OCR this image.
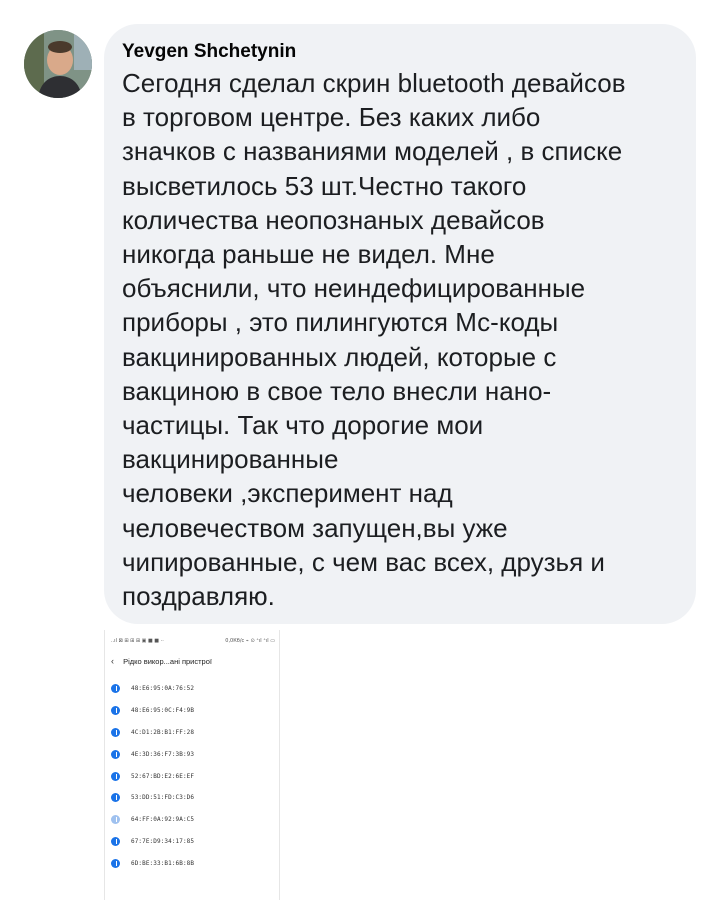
Yevgen Shchetynin

Сегодня сделал скрин bluetooth девайсов
в торговом центре. Без каких либо
значков с названиями моделей , в списке
высветилось 53 шт.Честно такого
количества неопознаных девайсов
никогда раньше не видел. Мне
объяснили, что неиндефицированные
приборы , это пилингуются Мс-коды
вакцинированных людей, которые с
вакциною в свое тело внесли нано-
частицы. Так что дорогие мои
вакцинированные
человеки ,эксперимент над
человечеством запущен,вы уже
чипированные, с чем вас всех, друзья и
поздравляю.

..ıl ⊠ ⊞ ⊞ ⊞ ▣ ■ ■ ··	0,0Кб/с ⌁ ⊙ ⁺ıl ⁺ıl ▭
‹ Рідко викор...ані пристрої
48:E6:95:0A:76:52
48:E6:95:0C:F4:9B
4C:D1:2B:B1:FF:28
4E:3D:36:F7:3B:93
52:67:BD:E2:6E:EF
53:DD:51:FD:C3:D6
64:FF:0A:92:9A:C5
67:7E:D9:34:17:85
6D:BE:33:B1:6B:8B
